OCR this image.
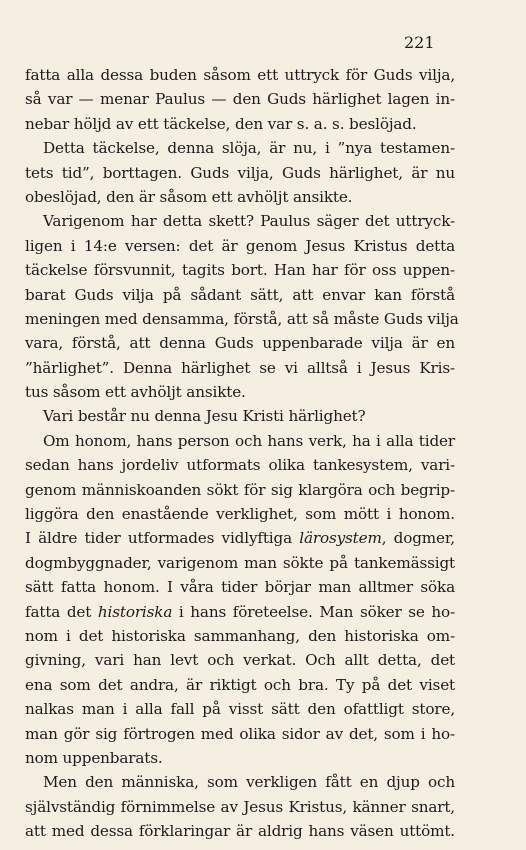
221
fatta alla dessa buden såsom ett uttryck för Guds vilja,
så var — menar Paulus — den Guds härlighet lagen in-
nebar höljd av ett täckelse, den var s. a. s. beslöjad.
Detta täckelse, denna slöja, är nu, i ”nya testamen-
tets tid”, borttagen. Guds vilja, Guds härlighet, är nu
obeslöjad, den är såsom ett avhöljt ansikte.
Varigenom har detta skett? Paulus säger det uttryck-
ligen i 14:e versen: det är genom Jesus Kristus detta
täckelse försvunnit, tagits bort. Han har för oss uppen-
barat Guds vilja på sådant sätt, att envar kan förstå
meningen med densamma, förstå, att så måste Guds vilja
vara, förstå, att denna Guds uppenbarade vilja är en
”härlighet”. Denna härlighet se vi alltså i Jesus Kris-
tus såsom ett avhöljt ansikte.
Vari består nu denna Jesu Kristi härlighet?
Om honom, hans person och hans verk, ha i alla tider
sedan hans jordeliv utformats olika tankesystem, vari-
genom människoanden sökt för sig klargöra och begrip-
liggöra den enastående verklighet, som mött i honom.
I äldre tider utformades vidlyftiga lärosystem, dogmer,
dogmbyggnader, varigenom man sökte på tankemässigt
sätt fatta honom. I våra tider börjar man alltmer söka
fatta det historiska i hans företeelse. Man söker se ho-
nom i det historiska sammanhang, den historiska om-
givning, vari han levt och verkat. Och allt detta, det
ena som det andra, är riktigt och bra. Ty på det viset
nalkas man i alla fall på visst sätt den ofattligt store,
man gör sig förtrogen med olika sidor av det, som i ho-
nom uppenbarats.
Men den människa, som verkligen fått en djup och
självständig förnimmelse av Jesus Kristus, känner snart,
att med dessa förklaringar är aldrig hans väsen uttömt.
